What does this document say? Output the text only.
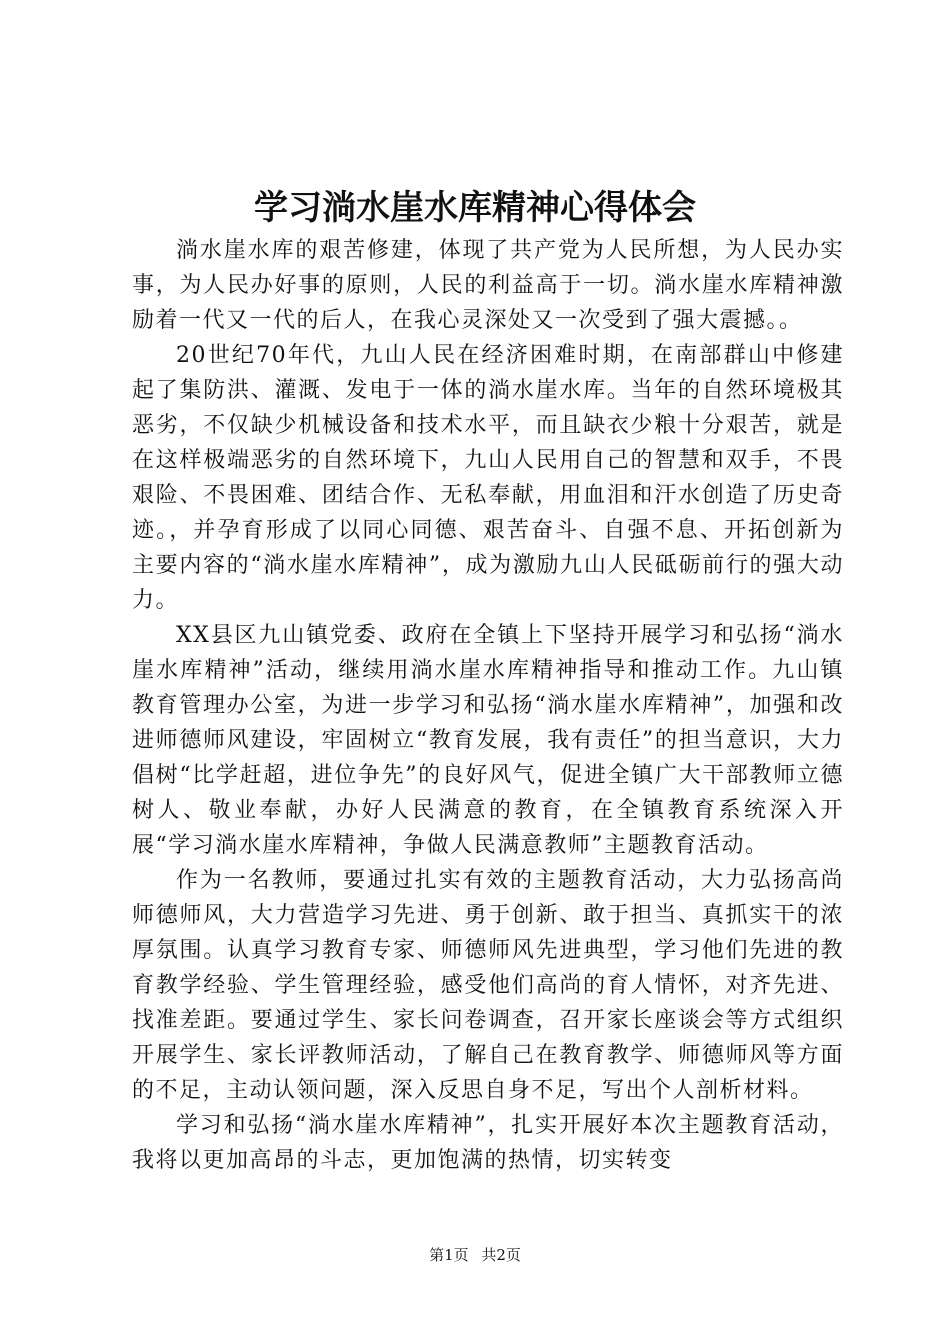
学习淌水崖水库精神心得体会

淌水崖水库的艰苦修建，体现了共产党为人民所想，为人民办实事，为人民办好事的原则，人民的利益高于一切。淌水崖水库精神激励着一代又一代的后人，在我心灵深处又一次受到了强大震撼。。

20世纪70年代，九山人民在经济困难时期，在南部群山中修建起了集防洪、灌溉、发电于一体的淌水崖水库。当年的自然环境极其恶劣，不仅缺少机械设备和技术水平，而且缺衣少粮十分艰苦，就是在这样极端恶劣的自然环境下，九山人民用自己的智慧和双手，不畏艰险、不畏困难、团结合作、无私奉献，用血泪和汗水创造了历史奇迹。，并孕育形成了以同心同德、艰苦奋斗、自强不息、开拓创新为主要内容的“淌水崖水库精神”，成为激励九山人民砥砺前行的强大动力。

XX县区九山镇党委、政府在全镇上下坚持开展学习和弘扬“淌水崖水库精神”活动，继续用淌水崖水库精神指导和推动工作。九山镇教育管理办公室，为进一步学习和弘扬“淌水崖水库精神”，加强和改进师德师风建设，牢固树立“教育发展，我有责任”的担当意识，大力倡树“比学赶超，进位争先”的良好风气，促进全镇广大干部教师立德树人、敬业奉献，办好人民满意的教育，在全镇教育系统深入开展“学习淌水崖水库精神，争做人民满意教师”主题教育活动。

作为一名教师，要通过扎实有效的主题教育活动，大力弘扬高尚师德师风，大力营造学习先进、勇于创新、敢于担当、真抓实干的浓厚氛围。认真学习教育专家、师德师风先进典型，学习他们先进的教育教学经验、学生管理经验，感受他们高尚的育人情怀，对齐先进、找准差距。要通过学生、家长问卷调查，召开家长座谈会等方式组织开展学生、家长评教师活动，了解自己在教育教学、师德师风等方面的不足，主动认领问题，深入反思自身不足，写出个人剖析材料。

学习和弘扬“淌水崖水库精神”，扎实开展好本次主题教育活动，我将以更加高昂的斗志，更加饱满的热情，切实转变

第1页 共2页
